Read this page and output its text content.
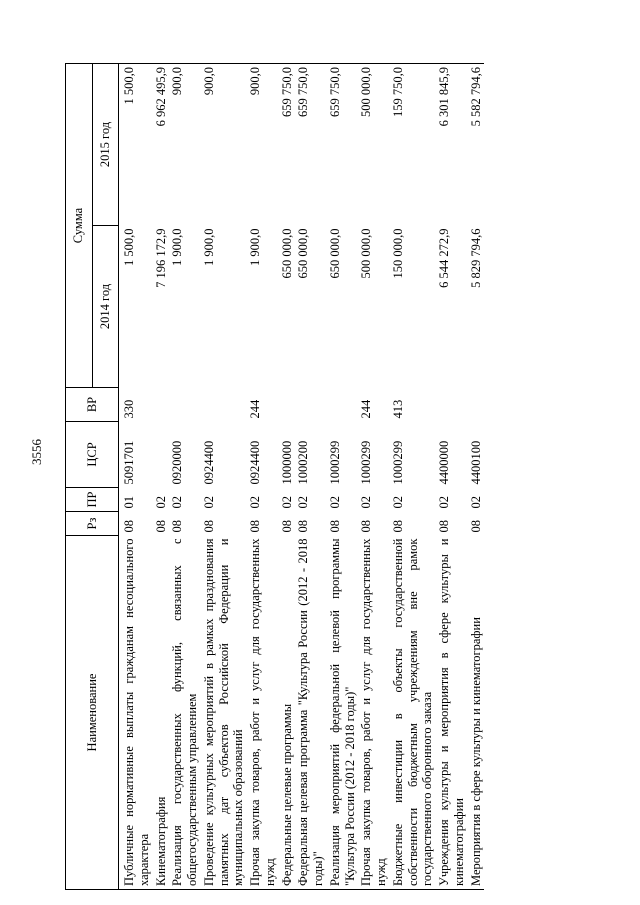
3556
Наименование	Рз	ПР	ЦСР	ВР	Сумма	
					2014 год	2015 год
Публичные нормативные выплаты гражданам несоциального характера	08	01	5091701	330	1 500,0	1 500,0
Кинематография	08	02			7 196 172,9	6 962 495,9
Реализация государственных функций, связанных с общегосударственным управлением	08	02	0920000		1 900,0	900,0
Проведение культурных мероприятий в рамках празднования памятных дат субъектов Российской Федерации и муниципальных образований	08	02	0924400		1 900,0	900,0
Прочая закупка товаров, работ и услуг для государственных нужд	08	02	0924400	244	1 900,0	900,0
Федеральные целевые программы	08	02	1000000		650 000,0	659 750,0
Федеральная целевая программа "Культура России (2012 - 2018 годы)"	08	02	1000200		650 000,0	659 750,0
Реализация мероприятий федеральной целевой программы "Культура России (2012 - 2018 годы)"	08	02	1000299		650 000,0	659 750,0
Прочая закупка товаров, работ и услуг для государственных нужд	08	02	1000299	244	500 000,0	500 000,0
Бюджетные инвестиции в объекты государственной собственности бюджетным учреждениям вне рамок государственного оборонного заказа	08	02	1000299	413	150 000,0	159 750,0
Учреждения культуры и мероприятия в сфере культуры и кинематографии	08	02	4400000		6 544 272,9	6 301 845,9
Мероприятия в сфере культуры и кинематографии	08	02	4400100		5 829 794,6	5 582 794,6
